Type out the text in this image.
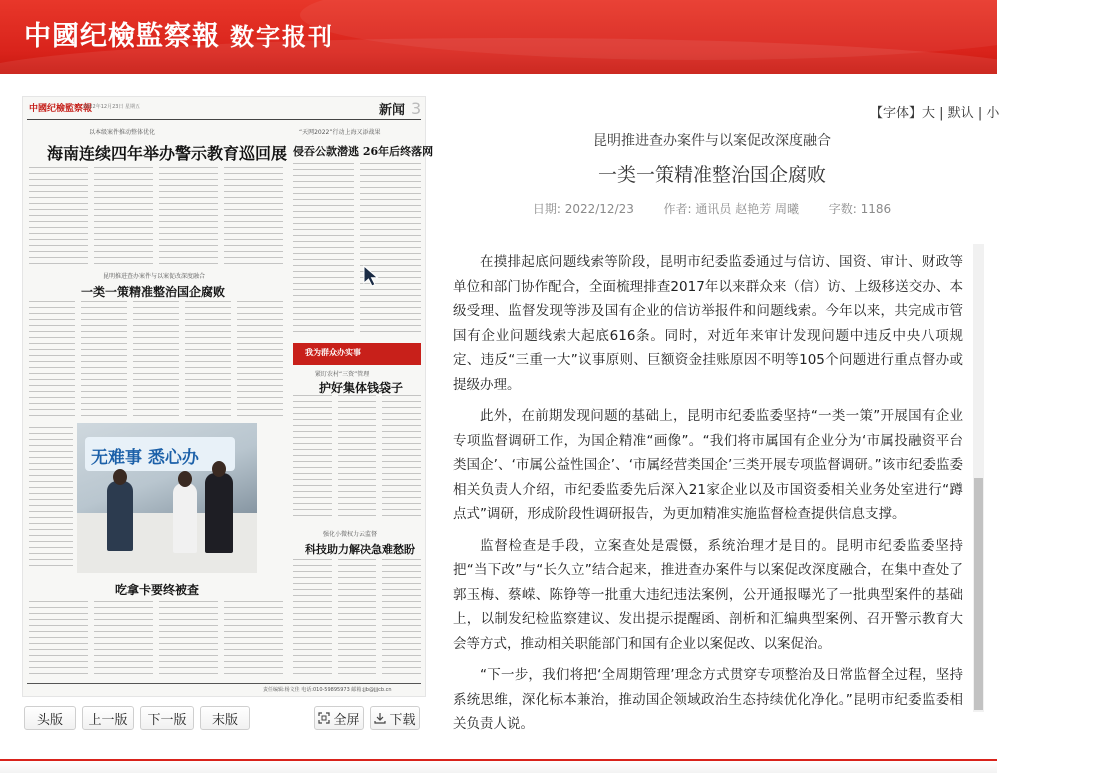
中國纪檢監察報 数字报刊
中國纪檢監察報
2022年12月23日 星期五	新闻 3
以本级案件推动整体优化
海南连续四年举办警示教育巡回展
“天网2022”行动上海又添战果
侵吞公款潜逃 26年后终落网
昆明推进查办案件与以案促改深度融合
一类一策精准整治国企腐败
我为群众办实事
紧盯农村“三资”管理
护好集体钱袋子
无难事 悉心办
强化小微权力云监督
科技助力解决急难愁盼
吃拿卡要终被查
责任编辑:杨文佳 电话:010-59895973 邮箱:jjb@jjjcb.cn
头版	上一版	下一版	末版	全屏 下载
【字体】大 | 默认 | 小
昆明推进查办案件与以案促改深度融合
一类一策精准整治国企腐败
日期: 2022/12/23 作者: 通讯员 赵艳芳 周曦 字数: 1186

在摸排起底问题线索等阶段，昆明市纪委监委通过与信访、国资、审计、财政等单位和部门协作配合，全面梳理排查2017年以来群众来（信）访、上级移送交办、本级受理、监督发现等涉及国有企业的信访举报件和问题线索。今年以来，共完成市管国有企业问题线索大起底616条。同时，对近年来审计发现问题中违反中央八项规定、违反“三重一大”议事原则、巨额资金挂账原因不明等105个问题进行重点督办或提级办理。

此外，在前期发现问题的基础上，昆明市纪委监委坚持“一类一策”开展国有企业专项监督调研工作，为国企精准“画像”。“我们将市属国有企业分为‘市属投融资平台类国企’、‘市属公益性国企’、‘市属经营类国企’三类开展专项监督调研。”该市纪委监委相关负责人介绍，市纪委监委先后深入21家企业以及市国资委相关业务处室进行“蹲点式”调研，形成阶段性调研报告，为更加精准实施监督检查提供信息支撑。

监督检查是手段，立案查处是震慑，系统治理才是目的。昆明市纪委监委坚持把“当下改”与“长久立”结合起来，推进查办案件与以案促改深度融合，在集中查处了郭玉梅、蔡嵘、陈铮等一批重大违纪违法案例，公开通报曝光了一批典型案件的基础上，以制发纪检监察建议、发出提示提醒函、剖析和汇编典型案例、召开警示教育大会等方式，推动相关职能部门和国有企业以案促改、以案促治。

“下一步，我们将把‘全周期管理’理念方式贯穿专项整治及日常监督全过程，坚持系统思维，深化标本兼治，推动国企领域政治生态持续优化净化。”昆明市纪委监委相关负责人说。
